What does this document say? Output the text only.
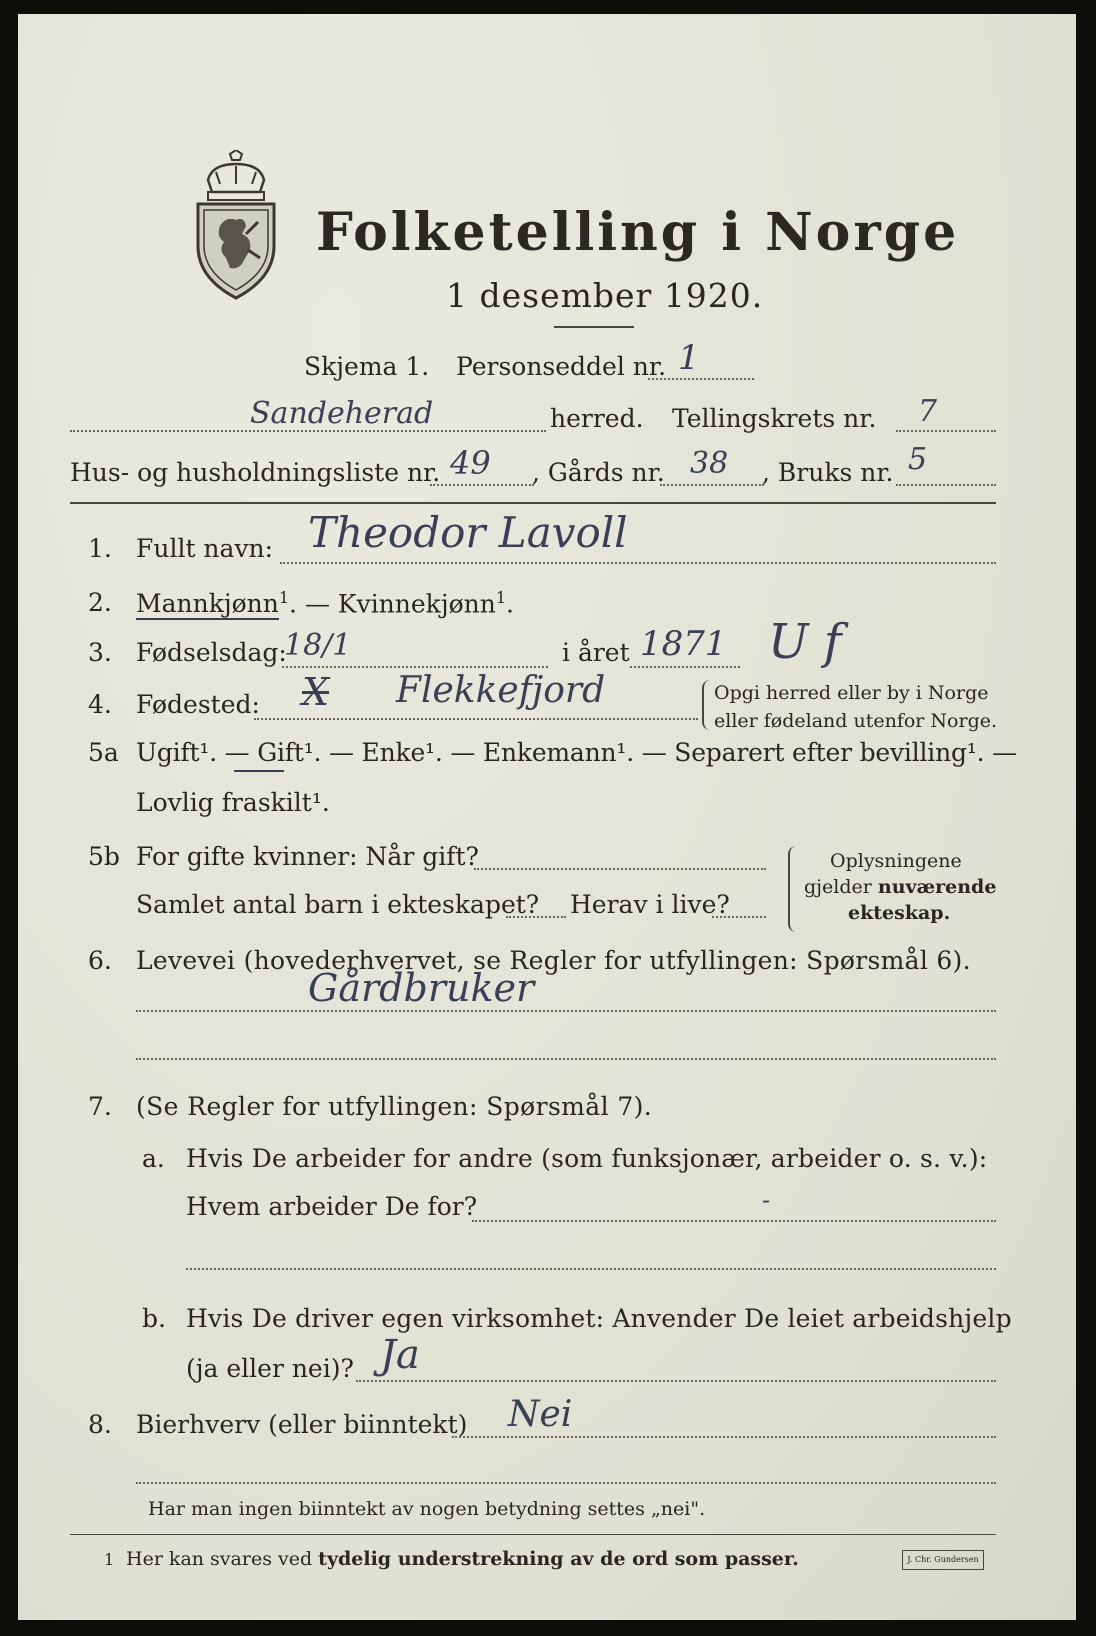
Folketelling i Norge
1 desember 1920.
Skjema 1. Personseddel nr. 1
Sandeherad	herred. Tellingskrets nr. 7
Hus- og husholdningsliste nr. 49 , Gårds nr. 38 , Bruks nr. 5
1. Fullt navn: Theodor Lavoll
2. Mannkjønn$^1$. — Kvinnekjønn$^1$.
3. Fødselsdag:
18/1	i året 1871 U f
4. Fødested: X Flekkefjord	Opgi herred eller by i Norge
eller fødeland utenfor Norge.
5a Ugift¹. — Gift¹. — Enke¹. — Enkemann¹. — Separert efter bevilling¹. —
Lovlig fraskilt¹.
5b For gifte kvinner: Når gift?
Samlet antal barn i ekteskapet? Herav i live?
Oplysningene
gjelder nuværende
ekteskap.
6. Levevei (hovederhvervet, se Regler for utfyllingen: Spørsmål 6).
Gårdbruker
7. (Se Regler for utfyllingen: Spørsmål 7).
a. Hvis De arbeider for andre (som funksjonær, arbeider o. s. v.):
Hvem arbeider De for?	-
b. Hvis De driver egen virksomhet: Anvender De leiet arbeidshjelp
(ja eller nei)? Ja
8. Bierhverv (eller biinntekt) Nei
Har man ingen biinntekt av nogen betydning settes „nei".
1 Her kan svares ved tydelig understrekning av de ord som passer.	J. Chr. Gundersen
